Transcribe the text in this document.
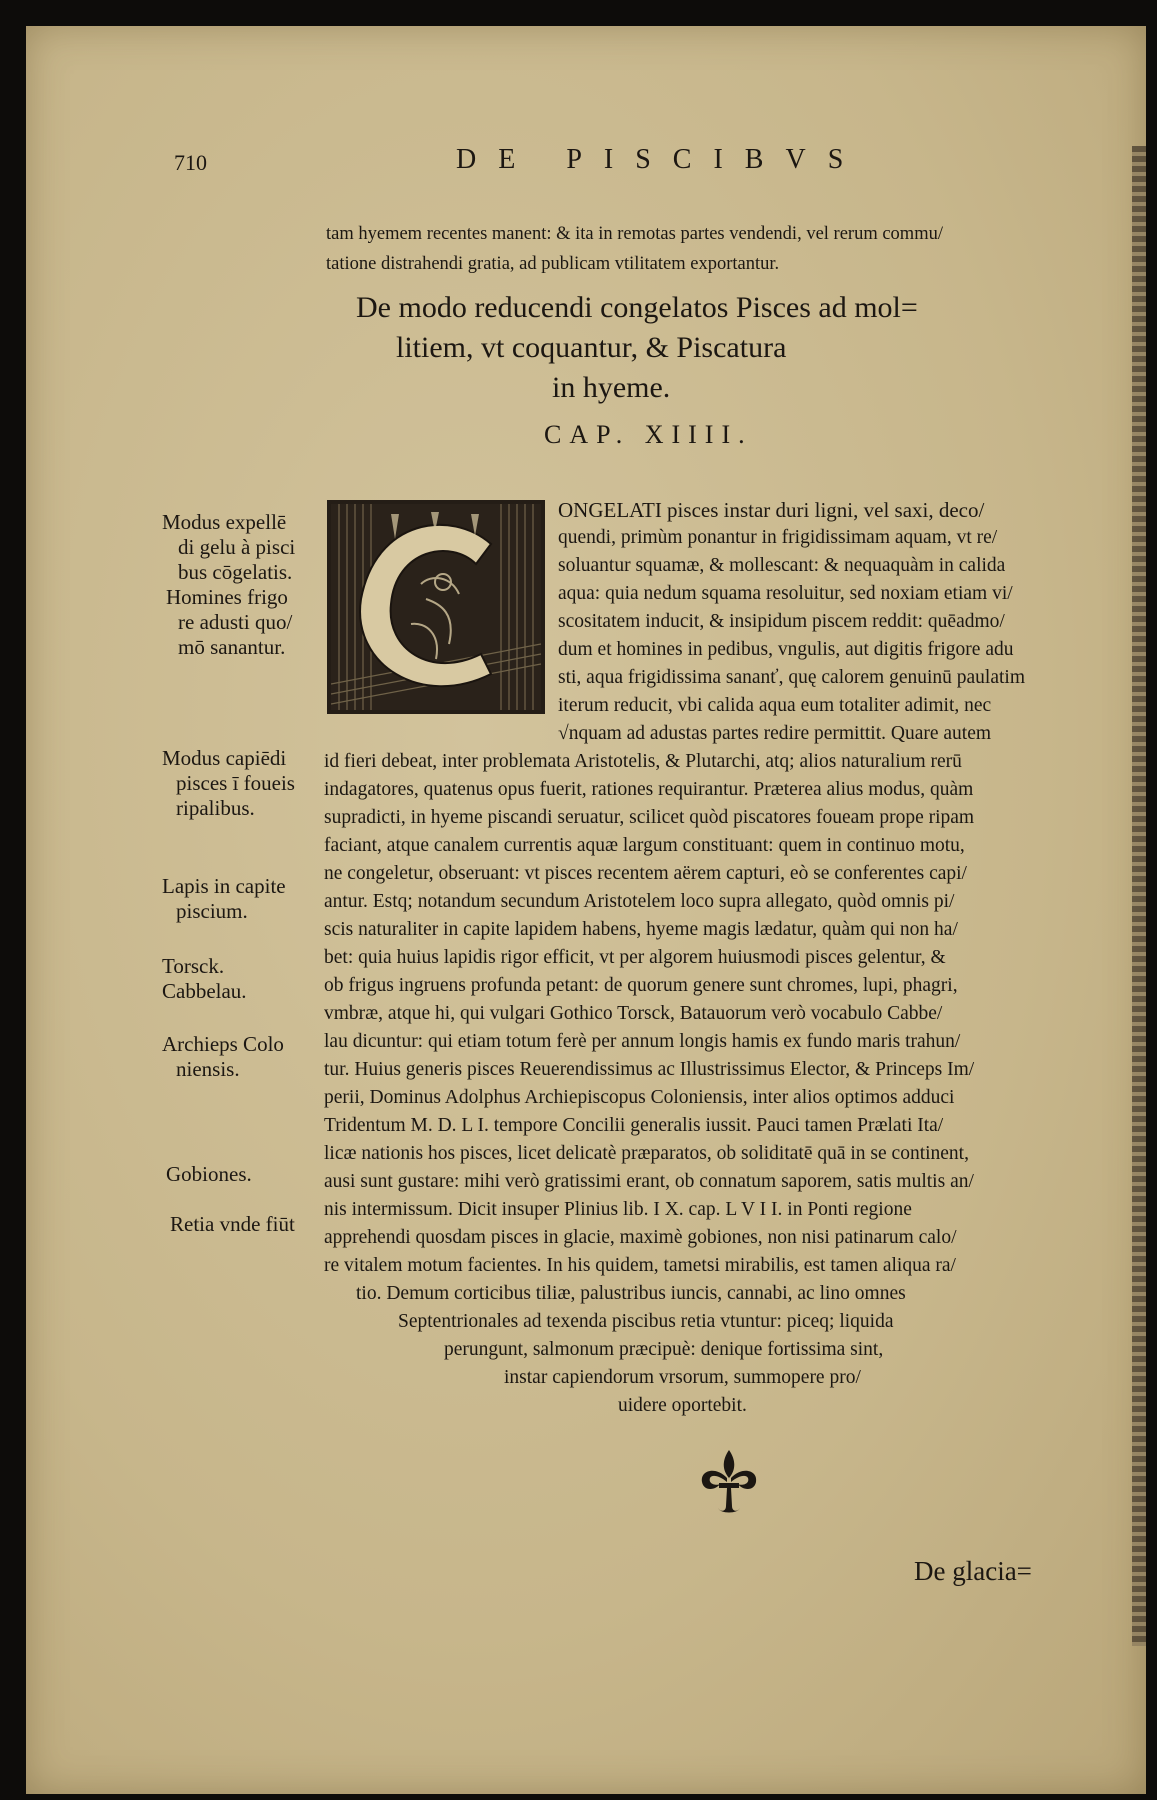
710	DE PISCIBVS
tam hyemem recentes manent: & ita in remotas partes vendendi, vel rerum commu/
tatione distrahendi gratia, ad publicam vtilitatem exportantur.
De modo reducendi congelatos Pisces ad mol=
litiem, vt coquantur, & Piscatura
in hyeme.
CAP. XIIII.
Modus expellē
di gelu à pisci
bus cōgelatis.
Homines frigo
re adusti quo/
mō sanantur.
Modus capiēdi
pisces ī foueis
ripalibus.
Lapis in capite
piscium.
Torsck.
Cabbelau.
Archieps Colo
niensis.
Gobiones.
Retia vnde fiūt
ONGELATI pisces instar duri ligni, vel saxi, deco/
quendi, primùm ponantur in frigidissimam aquam, vt re/
soluantur squamæ, & mollescant: & nequaquàm in calida
aqua: quia nedum squama resoluitur, sed noxiam etiam vi/
scositatem inducit, & insipidum piscem reddit: quēadmo/
dum et homines in pedibus, vngulis, aut digitis frigore adu
sti, aqua frigidissima sananť, quę calorem genuinū paulatim
iterum reducit, vbi calida aqua eum totaliter adimit, nec
√nquam ad adustas partes redire permittit. Quare autem
id fieri debeat, inter problemata Aristotelis, & Plutarchi, atq; alios naturalium rerū
indagatores, quatenus opus fuerit, rationes requirantur. Præterea alius modus, quàm
supradicti, in hyeme piscandi seruatur, scilicet quòd piscatores foueam prope ripam
faciant, atque canalem currentis aquæ largum constituant: quem in continuo motu,
ne congeletur, obseruant: vt pisces recentem aërem capturi, eò se conferentes capi/
antur. Estq; notandum secundum Aristotelem loco supra allegato, quòd omnis pi/
scis naturaliter in capite lapidem habens, hyeme magis lædatur, quàm qui non ha/
bet: quia huius lapidis rigor efficit, vt per algorem huiusmodi pisces gelentur, &
ob frigus ingruens profunda petant: de quorum genere sunt chromes, lupi, phagri,
vmbræ, atque hi, qui vulgari Gothico Torsck, Batauorum verò vocabulo Cabbe/
lau dicuntur: qui etiam totum ferè per annum longis hamis ex fundo maris trahun/
tur. Huius generis pisces Reuerendissimus ac Illustrissimus Elector, & Princeps Im/
perii, Dominus Adolphus Archiepiscopus Coloniensis, inter alios optimos adduci
Tridentum M. D. L I. tempore Concilii generalis iussit. Pauci tamen Prælati Ita/
licæ nationis hos pisces, licet delicatè præparatos, ob soliditatē quā in se continent,
ausi sunt gustare: mihi verò gratissimi erant, ob connatum saporem, satis multis an/
nis intermissum. Dicit insuper Plinius lib. I X. cap. L V I I. in Ponti regione
apprehendi quosdam pisces in glacie, maximè gobiones, non nisi patinarum calo/
re vitalem motum facientes. In his quidem, tametsi mirabilis, est tamen aliqua ra/
tio. Demum corticibus tiliæ, palustribus iuncis, cannabi, ac lino omnes
Septentrionales ad texenda piscibus retia vtuntur: piceq; liquida
perungunt, salmonum præcipuè: denique fortissima sint,
instar capiendorum vrsorum, summopere pro/
uidere oportebit.
De glacia=
